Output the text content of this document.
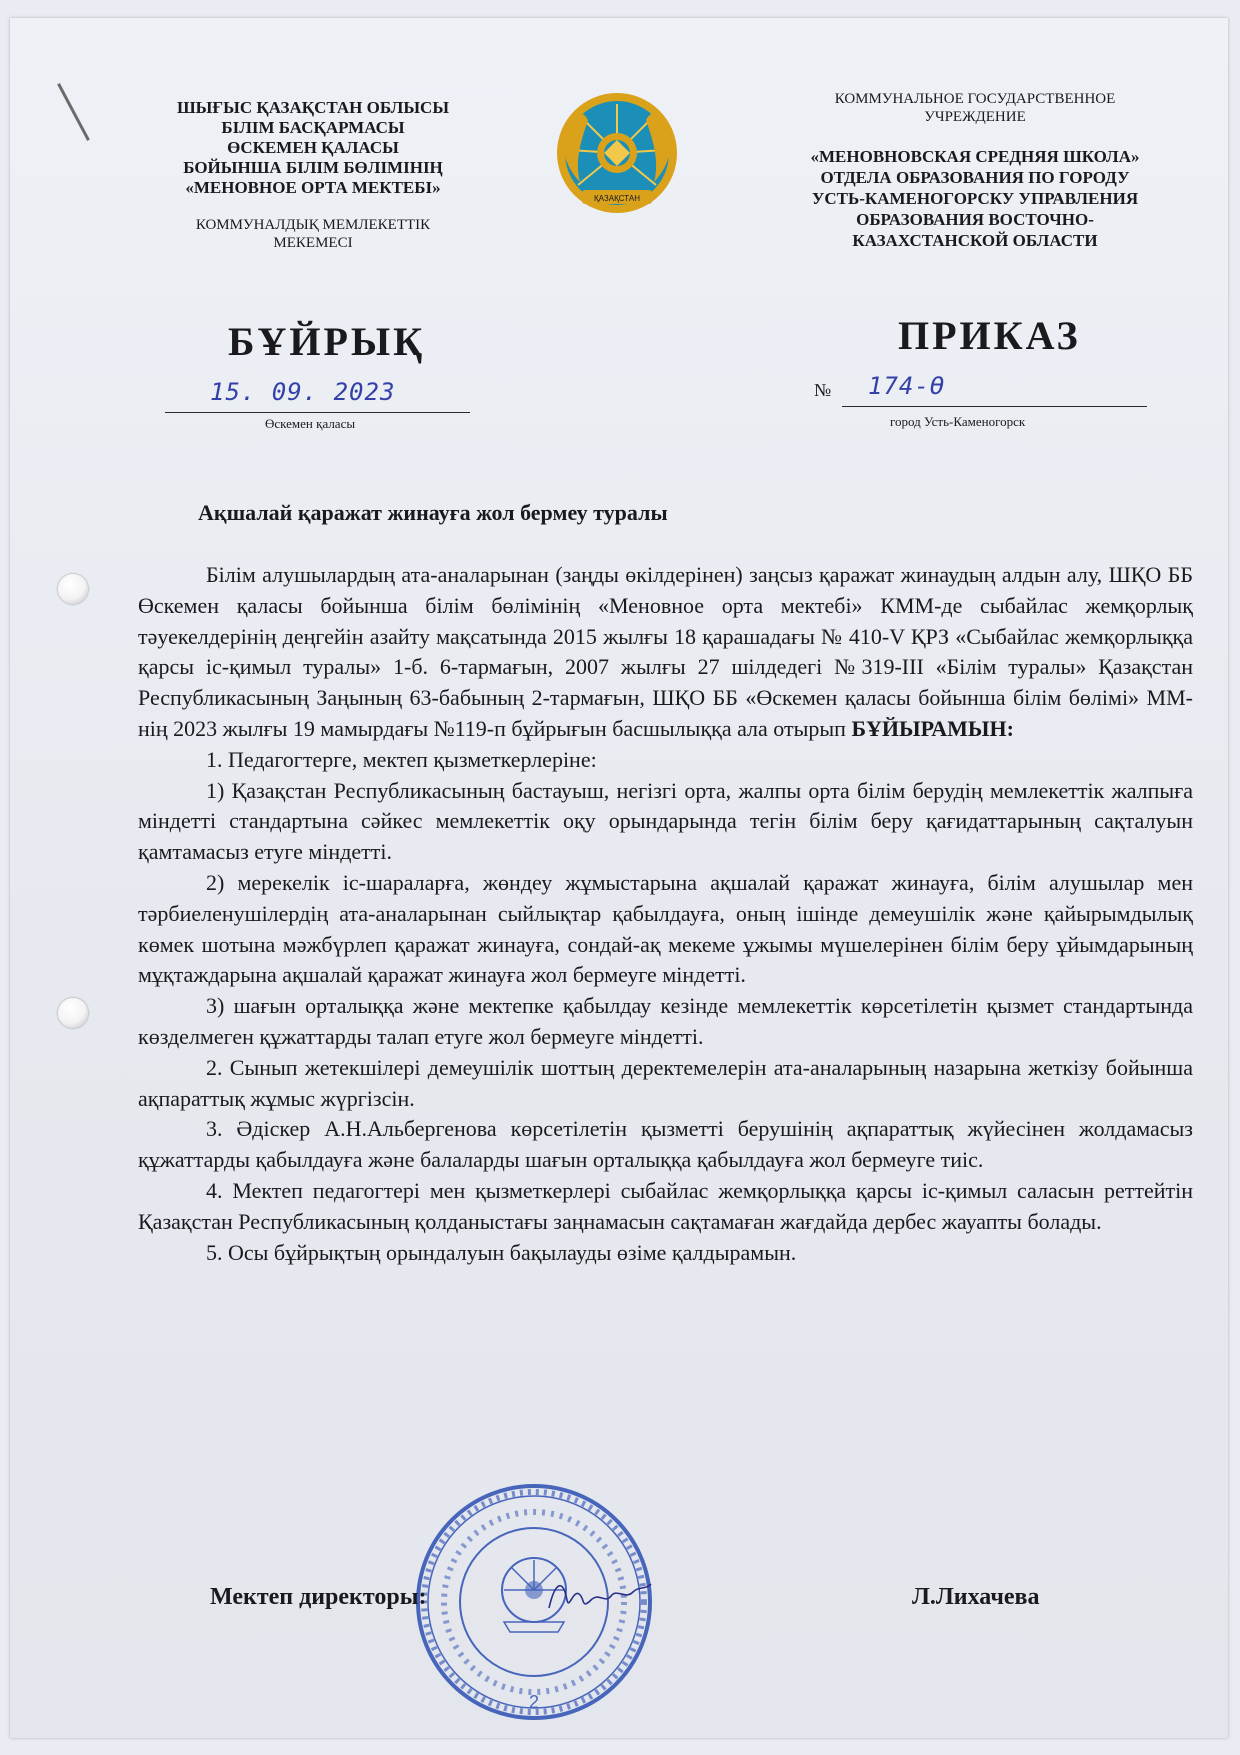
ШЫҒЫС ҚАЗАҚСТАН ОБЛЫСЫ
БІЛІМ БАСҚАРМАСЫ
ӨСКЕМЕН ҚАЛАСЫ
БОЙЫНША БІЛІМ БӨЛІМІНІҢ
«МЕНОВНОЕ ОРТА МЕКТЕБІ»
КОММУНАЛДЫҚ МЕМЛЕКЕТТІК
МЕКЕМЕСІ
ҚАЗАҚСТАН
КОММУНАЛЬНОЕ ГОСУДАРСТВЕННОЕ
УЧРЕЖДЕНИЕ
«МЕНОВНОВСКАЯ СРЕДНЯЯ ШКОЛА»
ОТДЕЛА ОБРАЗОВАНИЯ ПО ГОРОДУ
УСТЬ-КАМЕНОГОРСКУ УПРАВЛЕНИЯ
ОБРАЗОВАНИЯ ВОСТОЧНО-
КАЗАХСТАНСКОЙ ОБЛАСТИ
БҰЙРЫҚ	ПРИКАЗ
15. 09. 2023
Өскемен қаласы
№ 174-Ө
город Усть-Каменогорск
Ақшалай қаражат жинауға жол бермеу туралы

Білім алушылардың ата-аналарынан (заңды өкілдерінен) заңсыз қаражат жинаудың алдын алу, ШҚО ББ Өскемен қаласы бойынша білім бөлімінің «Меновное орта мектебі» КММ-де сыбайлас жемқорлық тәуекелдерінің деңгейін азайту мақсатында 2015 жылғы 18 қарашадағы № 410-V ҚРЗ «Сыбайлас жемқорлыққа қарсы іс-қимыл туралы» 1-б. 6-тармағын, 2007 жылғы 27 шілдедегі №319-ІІІ «Білім туралы» Қазақстан Республикасының Заңының 63-бабының 2-тармағын, ШҚО ББ «Өскемен қаласы бойынша білім бөлімі» ММ-нің 2023 жылғы 19 мамырдағы №119-п бұйрығын басшылыққа ала отырып БҰЙЫРАМЫН:

1. Педагогтерге, мектеп қызметкерлеріне:

1) Қазақстан Республикасының бастауыш, негізгі орта, жалпы орта білім берудің мемлекеттік жалпыға міндетті стандартына сәйкес мемлекеттік оқу орындарында тегін білім беру қағидаттарының сақталуын қамтамасыз етуге міндетті.

2) мерекелік іс-шараларға, жөндеу жұмыстарына ақшалай қаражат жинауға, білім алушылар мен тәрбиеленушілердің ата-аналарынан сыйлықтар қабылдауға, оның ішінде демеушілік және қайырымдылық көмек шотына мәжбүрлеп қаражат жинауға, сондай-ақ мекеме ұжымы мүшелерінен білім беру ұйымдарының мұқтаждарына ақшалай қаражат жинауға жол бермеуге міндетті.

3) шағын орталыққа және мектепке қабылдау кезінде мемлекеттік көрсетілетін қызмет стандартында көзделмеген құжаттарды талап етуге жол бермеуге міндетті.

2. Сынып жетекшілері демеушілік шоттың деректемелерін ата-аналарының назарына жеткізу бойынша ақпараттық жұмыс жүргізсін.

3. Әдіскер А.Н.Альбергенова көрсетілетін қызметті берушінің ақпараттық жүйесінен жолдамасыз құжаттарды қабылдауға және балаларды шағын орталыққа қабылдауға жол бермеуге тиіс.

4. Мектеп педагогтері мен қызметкерлері сыбайлас жемқорлыққа қарсы іс-қимыл саласын реттейтін Қазақстан Республикасының қолданыстағы заңнамасын сақтамаған жағдайда дербес жауапты болады.

5. Осы бұйрықтың орындалуын бақылауды өзіме қалдырамын.

2
Мектеп директоры:	Л.Лихачева
